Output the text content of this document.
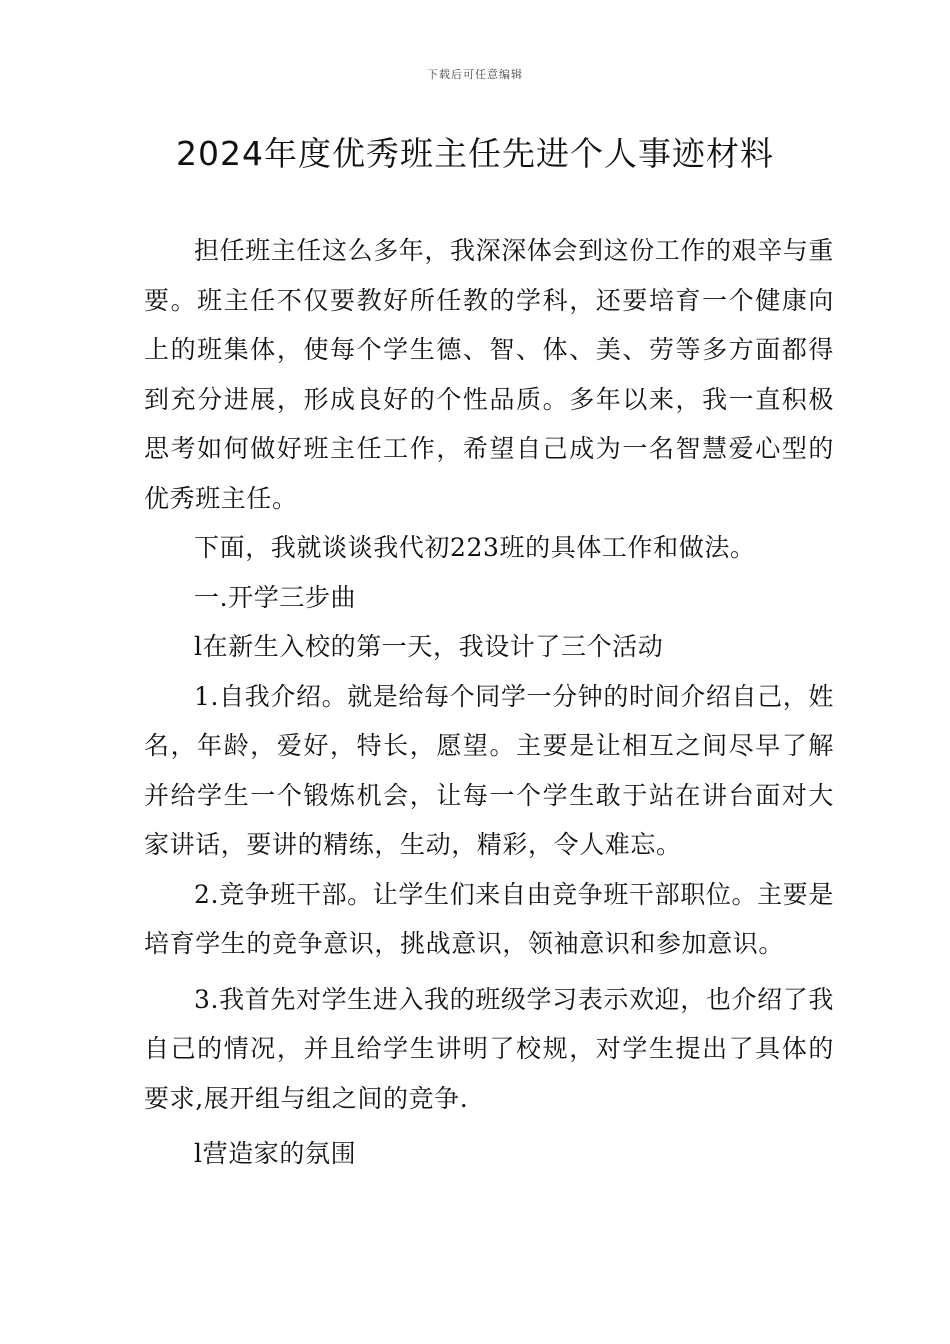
下载后可任意编辑
2024年度优秀班主任先进个人事迹材料

担任班主任这么多年，我深深体会到这份工作的艰辛与重要。班主任不仅要教好所任教的学科，还要培育一个健康向上的班集体，使每个学生德、智、体、美、劳等多方面都得到充分进展，形成良好的个性品质。多年以来，我一直积极思考如何做好班主任工作，希望自己成为一名智慧爱心型的优秀班主任。

下面，我就谈谈我代初223班的具体工作和做法。

一.开学三步曲

l在新生入校的第一天，我设计了三个活动

1.自我介绍。就是给每个同学一分钟的时间介绍自己，姓名，年龄，爱好，特长，愿望。主要是让相互之间尽早了解并给学生一个锻炼机会，让每一个学生敢于站在讲台面对大家讲话，要讲的精练，生动，精彩，令人难忘。

2.竞争班干部。让学生们来自由竞争班干部职位。主要是培育学生的竞争意识，挑战意识，领袖意识和参加意识。

3.我首先对学生进入我的班级学习表示欢迎，也介绍了我自己的情况，并且给学生讲明了校规，对学生提出了具体的要求,展开组与组之间的竞争.

l营造家的氛围
